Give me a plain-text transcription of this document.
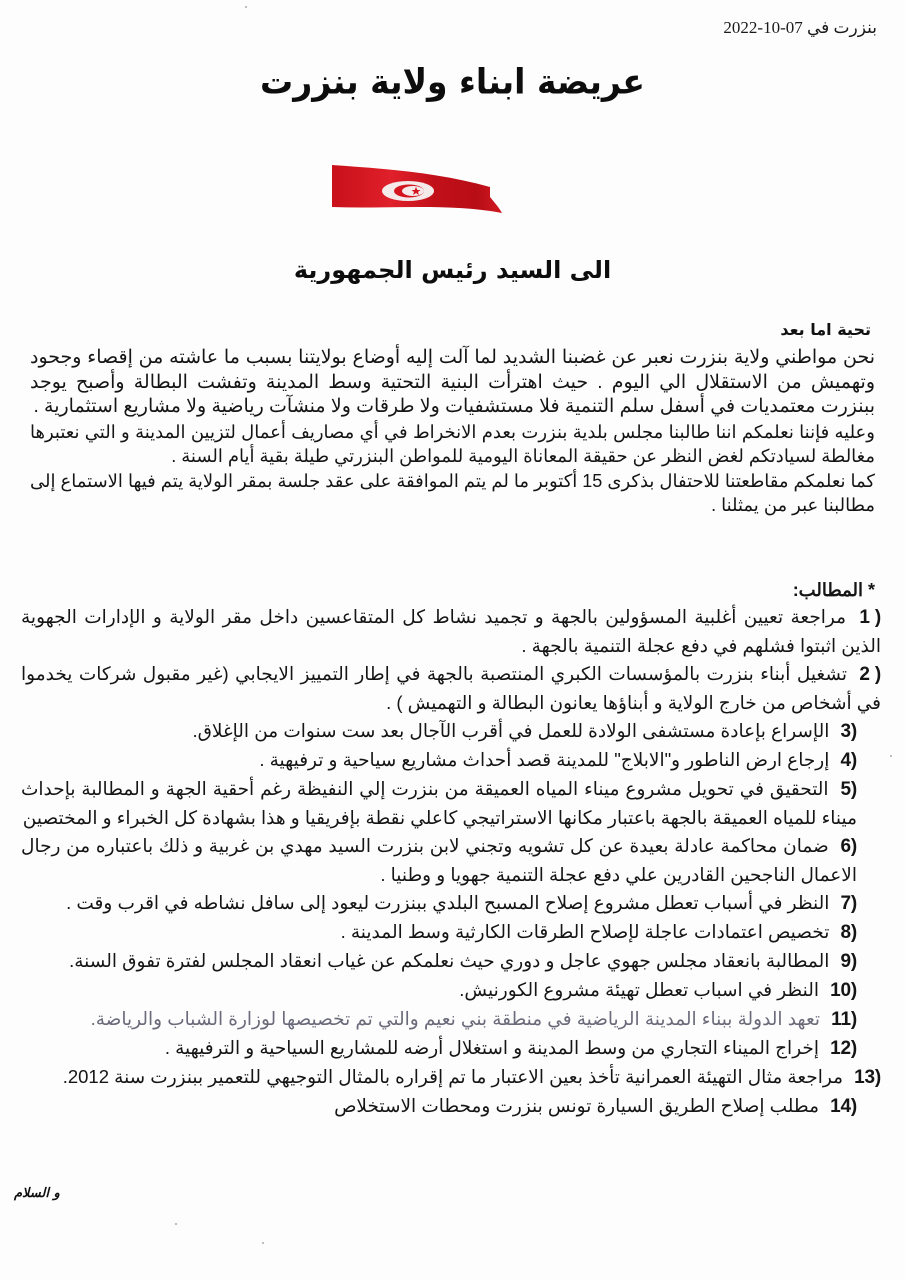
بنزرت في 07-10-2022
عريضة ابناء ولاية بنزرت
الى السيد رئيس الجمهورية
تحية اما بعد

نحن مواطني ولاية بنزرت نعبر عن غضبنا الشديد لما آلت إليه أوضاع بولايتنا بسبب ما عاشته من إقصاء وجحود وتهميش من الاستقلال الي اليوم . حيث اهترأت البنية التحتية وسط المدينة وتفشت البطالة وأصبح يوجد ببنزرت معتمديات في أسفل سلم التنمية فلا مستشفيات ولا طرقات ولا منشآت رياضية ولا مشاريع استثمارية .

وعليه فإننا نعلمكم اننا طالبنا مجلس بلدية بنزرت بعدم الانخراط في أي مصاريف أعمال لتزيين المدينة و التي نعتبرها مغالطة لسيادتكم لغض النظر عن حقيقة المعاناة اليومية للمواطن البنزرتي طيلة بقية أيام السنة .

كما نعلمكم مقاطعتنا للاحتفال بذكرى 15 أكتوبر ما لم يتم الموافقة على عقد جلسة بمقر الولاية يتم فيها الاستماع إلى مطالبنا عبر من يمثلنا .

* المطالب:
1 ) مراجعة تعيين أغلبية المسؤولين بالجهة و تجميد نشاط كل المتقاعسين داخل مقر الولاية و الإدارات الجهوية الذين اثبتوا فشلهم في دفع عجلة التنمية بالجهة .
2 ) تشغيل أبناء بنزرت بالمؤسسات الكبري المنتصبة بالجهة في إطار التمييز الايجابي (غير مقبول شركات يخدموا في أشخاص من خارج الولاية و أبناؤها يعانون البطالة و التهميش ) .
3) الإسراع بإعادة مستشفى الولادة للعمل في أقرب الآجال بعد ست سنوات من الإغلاق.
4) إرجاع ارض الناطور و"الابلاج" للمدينة قصد أحداث مشاريع سياحية و ترفيهية .
5) التحقيق في تحويل مشروع ميناء المياه العميقة من بنزرت إلي النفيظة رغم أحقية الجهة و المطالبة بإحداث ميناء للمياه العميقة بالجهة باعتبار مكانها الاستراتيجي كاعلي نقطة بإفريقيا و هذا بشهادة كل الخبراء و المختصين
6) ضمان محاكمة عادلة بعيدة عن كل تشويه وتجني لابن بنزرت السيد مهدي بن غربية و ذلك باعتباره من رجال الاعمال الناجحين القادرين علي دفع عجلة التنمية جهويا و وطنيا .
7) النظر في أسباب تعطل مشروع إصلاح المسبح البلدي ببنزرت ليعود إلى سافل نشاطه في اقرب وقت .
8) تخصيص اعتمادات عاجلة لإصلاح الطرقات الكارثية وسط المدينة .
9) المطالبة بانعقاد مجلس جهوي عاجل و دوري حيث نعلمكم عن غياب انعقاد المجلس لفترة تفوق السنة.
10) النظر في اسباب تعطل تهيئة مشروع الكورنيش.
11) تعهد الدولة ببناء المدينة الرياضية في منطقة بني نعيم والتي تم تخصيصها لوزارة الشباب والرياضة.
12) إخراج الميناء التجاري من وسط المدينة و استغلال أرضه للمشاريع السياحية و الترفيهية .
13) مراجعة مثال التهيئة العمرانية تأخذ بعين الاعتبار ما تم إقراره بالمثال التوجيهي للتعمير ببنزرت سنة 2012.
14) مطلب إصلاح الطريق السيارة تونس بنزرت ومحطات الاستخلاص
و السلام
